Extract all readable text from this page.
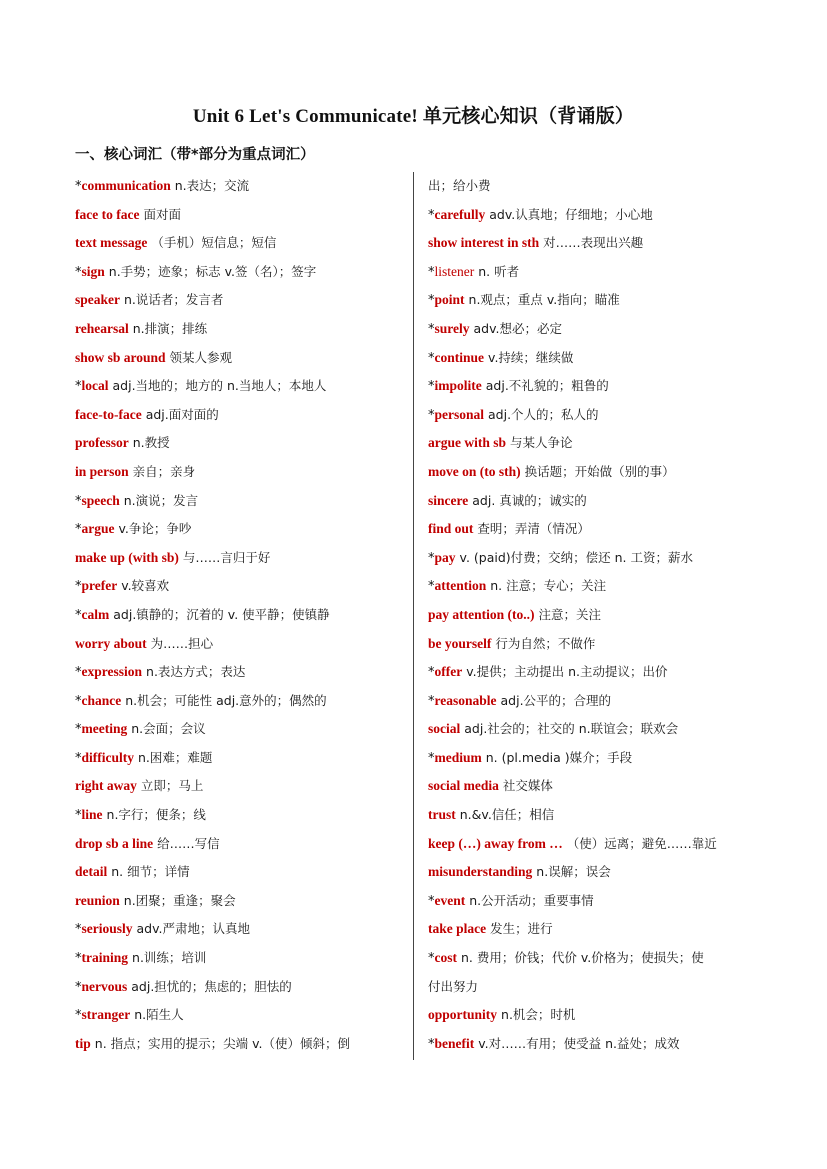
Unit 6 Let's Communicate! 单元核心知识（背诵版）
一、核心词汇（带*部分为重点词汇）
*communication n.表达；交流
face to face 面对面
text message （手机）短信息；短信
*sign n.手势；迹象；标志 v.签（名）；签字
speaker n.说话者；发言者
rehearsal n.排演；排练
show sb around 领某人参观
*local adj.当地的；地方的 n.当地人；本地人
face-to-face adj.面对面的
professor n.教授
in person 亲自；亲身
*speech n.演说；发言
*argue v.争论；争吵
make up (with sb) 与……言归于好
*prefer v.较喜欢
*calm adj.镇静的；沉着的 v. 使平静；使镇静
worry about 为……担心
*expression n.表达方式；表达
*chance n.机会；可能性 adj.意外的；偶然的
*meeting n.会面；会议
*difficulty n.困难；难题
right away 立即；马上
*line n.字行；便条；线
drop sb a line 给……写信
detail n. 细节；详情
reunion n.团聚；重逢；聚会
*seriously adv.严肃地；认真地
*training n.训练；培训
*nervous adj.担忧的；焦虑的；胆怯的
*stranger n.陌生人
tip n. 指点；实用的提示；尖端 v.（使）倾斜；倒
出；给小费
*carefully adv.认真地；仔细地；小心地
show interest in sth 对……表现出兴趣
*listener n. 听者
*point n.观点；重点 v.指向；瞄准
*surely adv.想必；必定
*continue v.持续；继续做
*impolite adj.不礼貌的；粗鲁的
*personal adj.个人的；私人的
argue with sb 与某人争论
move on (to sth) 换话题；开始做（别的事）
sincere adj. 真诚的；诚实的
find out 查明；弄清（情况）
*pay v. (paid)付费；交纳；偿还 n. 工资；薪水
*attention n. 注意；专心；关注
pay attention (to..) 注意；关注
be yourself 行为自然；不做作
*offer v.提供；主动提出 n.主动提议；出价
*reasonable adj.公平的；合理的
social adj.社会的；社交的 n.联谊会；联欢会
*medium n. (pl.media )媒介；手段
social media 社交媒体
trust n.&v.信任；相信
keep (…) away from … （使）远离；避免……靠近
misunderstanding n.误解；误会
*event n.公开活动；重要事情
take place 发生；进行
*cost n. 费用；价钱；代价 v.价格为；使损失；使
付出努力
opportunity n.机会；时机
*benefit v.对……有用；使受益 n.益处；成效
